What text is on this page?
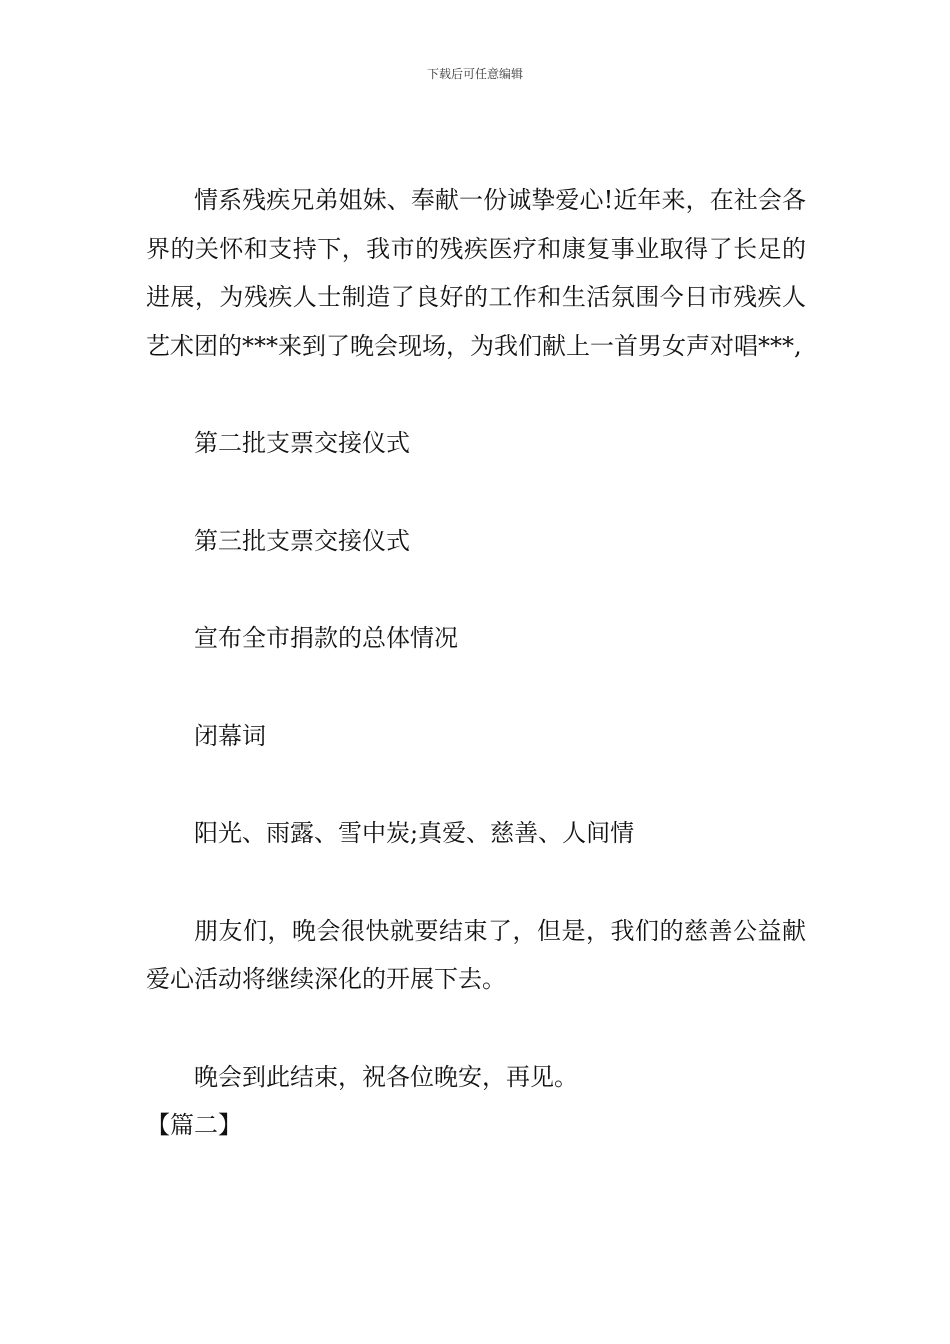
下载后可任意编辑

情系残疾兄弟姐妹、奉献一份诚挚爱心!近年来，在社会各界的关怀和支持下，我市的残疾医疗和康复事业取得了长足的进展，为残疾人士制造了良好的工作和生活氛围今日市残疾人艺术团的***来到了晚会现场，为我们献上一首男女声对唱***,

第二批支票交接仪式

第三批支票交接仪式

宣布全市捐款的总体情况

闭幕词

阳光、雨露、雪中炭;真爱、慈善、人间情

朋友们，晚会很快就要结束了，但是，我们的慈善公益献爱心活动将继续深化的开展下去。

晚会到此结束，祝各位晚安，再见。

【篇二】
